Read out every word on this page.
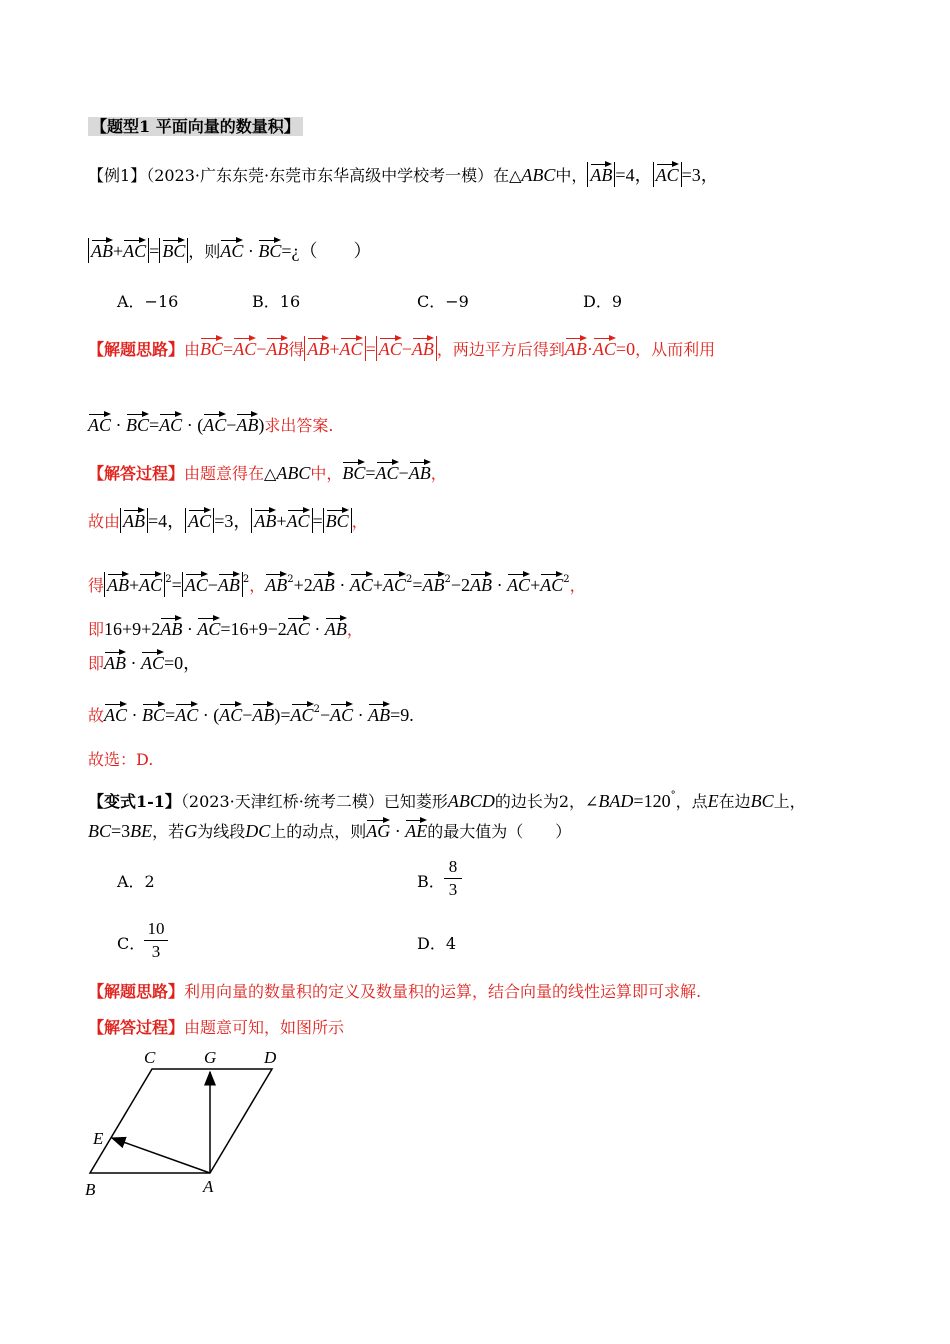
【题型1 平面向量的数量积】
【例1】（2023·广东东莞·东莞市东华高级中学校考一模）在△ABC中， AB =4， AC =3，
AB+AC = BC ，则AC · BC=¿（　　）
A．−16	B．16	C．−9	D．9
【解题思路】由BC=AC−AB得 AB+AC = AC−AB ，两边平方后得到AB·AC=0，从而利用
AC · BC=AC · (AC−AB)求出答案.
【解答过程】由题意得在△ABC中，BC=AC−AB，
故由 AB =4， AC =3， AB+AC = BC ，
得 AB+AC $^2$= AC−AB $^2$，$AB^2+2AB \cdot AC+AC^2=AB^2-2AB \cdot AC+AC^2$，
即16+9+2AB · AC=16+9−2AC · AB，
即AB · AC=0，
故AC · $BC=AC \cdot (AC-AB)=AC^2-AC \cdot AB=9$.
故选：D.
【变式1-1】（2023·天津红桥·统考二模）已知菱形ABCD的边长为2，∠BAD=120°，点E在边BC上，
BC=3BE，若G为线段DC上的动点，则AG · AE的最大值为（　　）
A．2	B．
8
3
C．
10
3	D．4
【解题思路】利用向量的数量积的定义及数量积的运算，结合向量的线性运算即可求解.
【解答过程】由题意可知，如图所示
C	G	D
E
B	A
